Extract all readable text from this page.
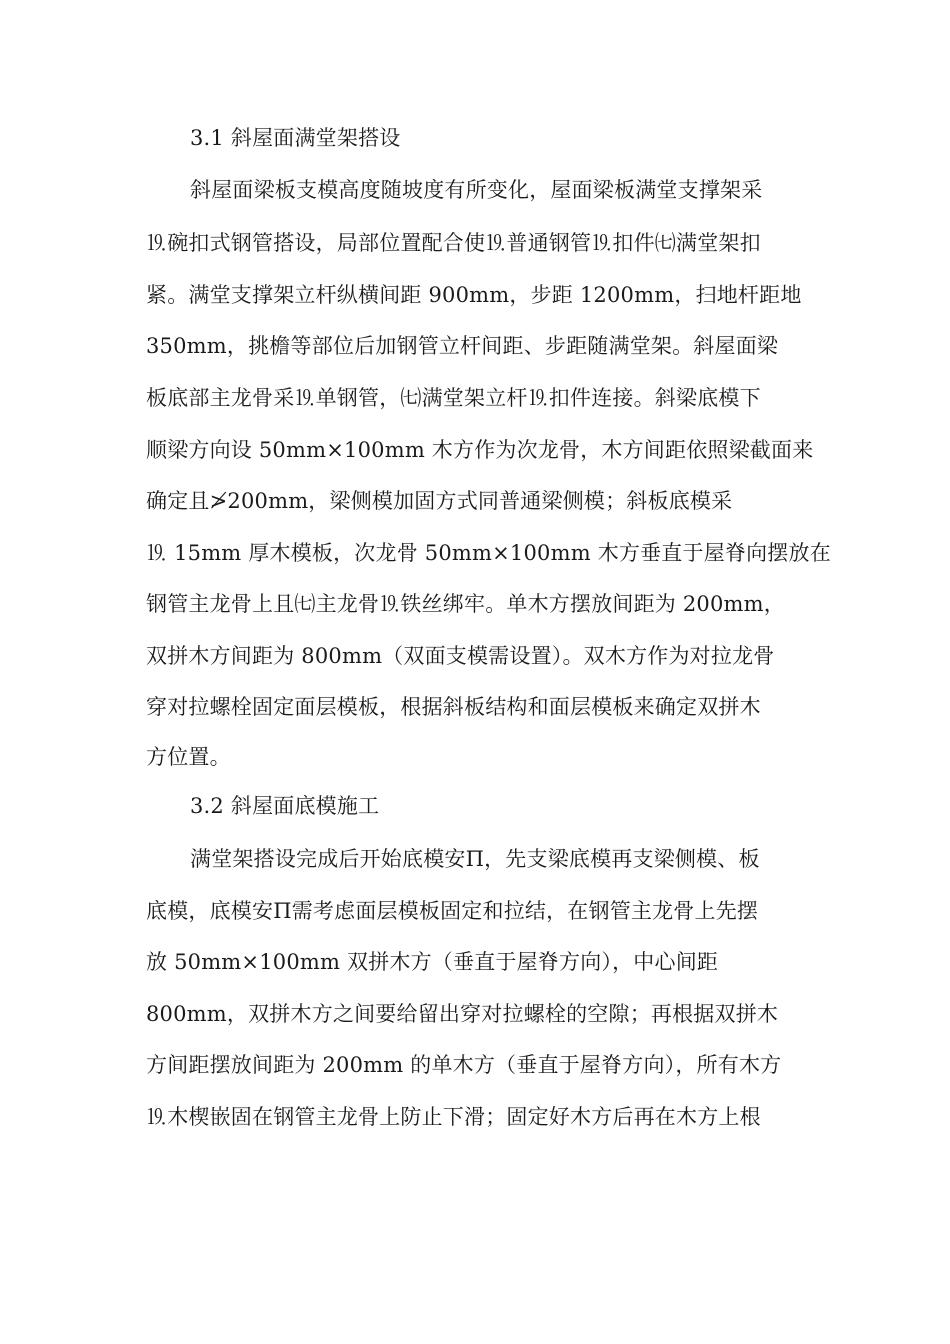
3.1 斜屋面满堂架搭设
斜屋面梁板支模高度随坡度有所变化，屋面梁板满堂支撑架采
⒚碗扣式钢管搭设，局部位置配合使⒚普通钢管⒚扣件㈦满堂架扣
紧。满堂支撑架立杆纵横间距 900mm，步距 1200mm，扫地杆距地
350mm，挑檐等部位后加钢管立杆间距、步距随满堂架。斜屋面梁
板底部主龙骨采⒚单钢管，㈦满堂架立杆⒚扣件连接。斜梁底模下
顺梁方向设 50mm×100mm 木方作为次龙骨，木方间距依照梁截面来
确定且≯200mm，梁侧模加固方式同普通梁侧模；斜板底模采
⒚ 15mm 厚木模板，次龙骨 50mm×100mm 木方垂直于屋脊向摆放在
钢管主龙骨上且㈦主龙骨⒚铁丝绑牢。单木方摆放间距为 200mm，
双拼木方间距为 800mm（双面支模需设置）。双木方作为对拉龙骨
穿对拉螺栓固定面层模板，根据斜板结构和面层模板来确定双拼木
方位置。
3.2 斜屋面底模施工
满堂架搭设完成后开始底模安Π，先支梁底模再支梁侧模、板
底模，底模安Π需考虑面层模板固定和拉结，在钢管主龙骨上先摆
放 50mm×100mm 双拼木方（垂直于屋脊方向），中心间距
800mm，双拼木方之间要给留出穿对拉螺栓的空隙；再根据双拼木
方间距摆放间距为 200mm 的单木方（垂直于屋脊方向），所有木方
⒚木楔嵌固在钢管主龙骨上防止下滑；固定好木方后再在木方上根
